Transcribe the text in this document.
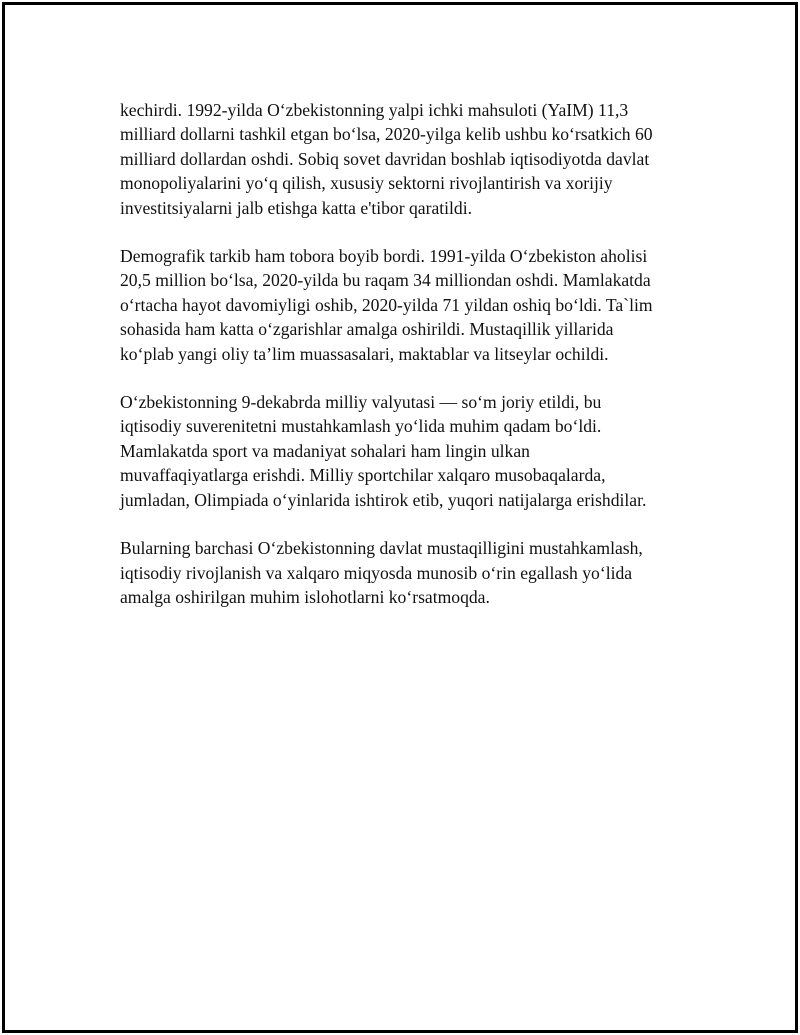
kechirdi. 1992-yilda O‘zbekistonning yalpi ichki mahsuloti (YaIM) 11,3
milliard dollarni tashkil etgan bo‘lsa, 2020-yilga kelib ushbu ko‘rsatkich 60
milliard dollardan oshdi. Sobiq sovet davridan boshlab iqtisodiyotda davlat
monopoliyalarini yo‘q qilish, xususiy sektorni rivojlantirish va xorijiy
investitsiyalarni jalb etishga katta e'tibor qaratildi.

Demografik tarkib ham tobora boyib bordi. 1991-yilda O‘zbekiston aholisi
20,5 million bo‘lsa, 2020-yilda bu raqam 34 milliondan oshdi. Mamlakatda
o‘rtacha hayot davomiyligi oshib, 2020-yilda 71 yildan oshiq bo‘ldi. Ta`lim
sohasida ham katta o‘zgarishlar amalga oshirildi. Mustaqillik yillarida
ko‘plab yangi oliy ta’lim muassasalari, maktablar va litseylar ochildi.

O‘zbekistonning 9-dekabrda milliy valyutasi — so‘m joriy etildi, bu
iqtisodiy suverenitetni mustahkamlash yo‘lida muhim qadam bo‘ldi.
Mamlakatda sport va madaniyat sohalari ham lingin ulkan
muvaffaqiyatlarga erishdi. Milliy sportchilar xalqaro musobaqalarda,
jumladan, Olimpiada o‘yinlarida ishtirok etib, yuqori natijalarga erishdilar.

Bularning barchasi O‘zbekistonning davlat mustaqilligini mustahkamlash,
iqtisodiy rivojlanish va xalqaro miqyosda munosib o‘rin egallash yo‘lida
amalga oshirilgan muhim islohotlarni ko‘rsatmoqda.
